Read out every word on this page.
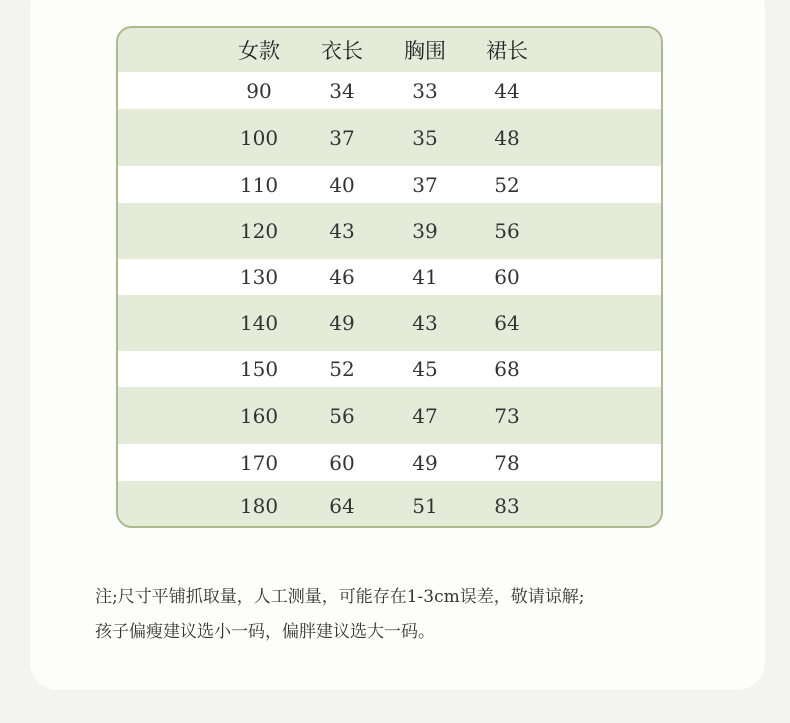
女款	衣长	胸围	裙长
90	34	33	44
100	37	35	48
110	40	37	52
120	43	39	56
130	46	41	60
140	49	43	64
150	52	45	68
160	56	47	73
170	60	49	78
180	64	51	83
注;尺寸平铺抓取量，人工测量，可能存在1-3cm误差，敬请谅解;
孩子偏瘦建议选小一码，偏胖建议选大一码。
